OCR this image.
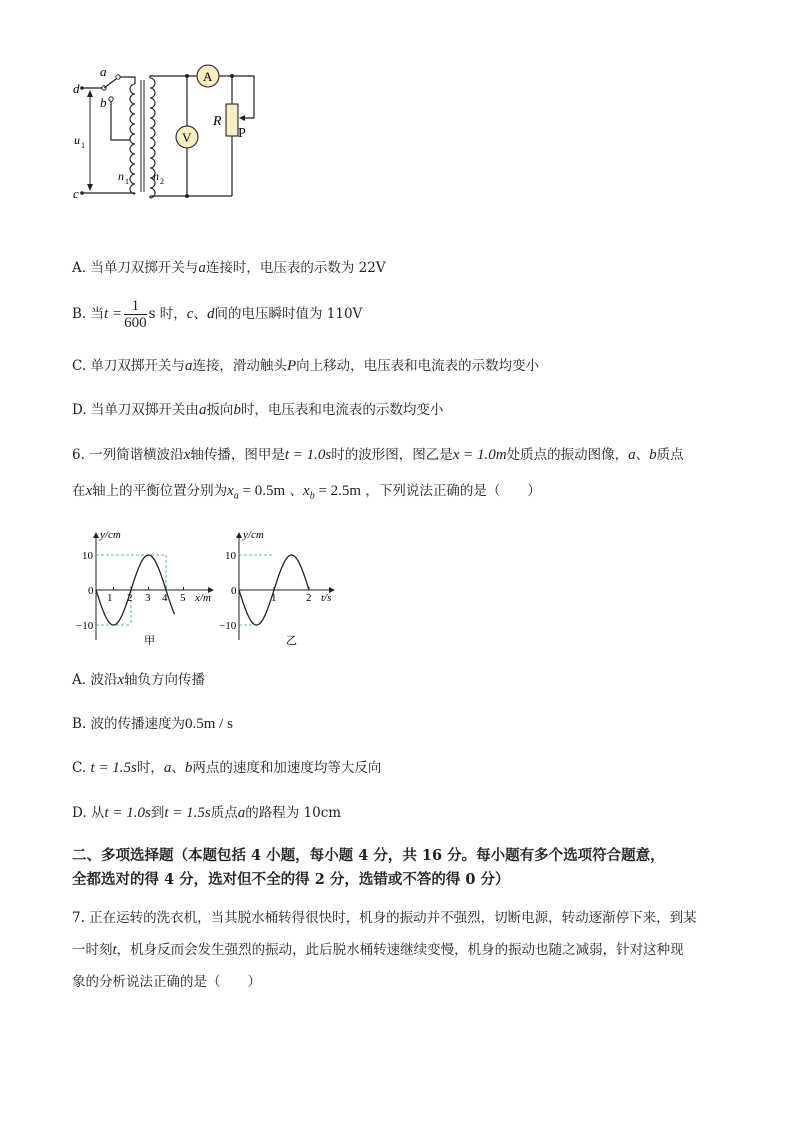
a
b
d
c
u 1
n 1 n 2
A
V
R
P
A. 当单刀双掷开关与a连接时，电压表的示数为 22V
B. 当$t = \frac{1}{600}$ s 时，c、d间的电压瞬时值为 110V
C. 单刀双掷开关与a连接，滑动触头P向上移动，电压表和电流表的示数均变小
D. 当单刀双掷开关由a扳向b时，电压表和电流表的示数均变小
6. 一列简谐横波沿x轴传播，图甲是t = 1.0s时的波形图，图乙是x = 1.0m处质点的振动图像，a、b质点
在x轴上的平衡位置分别为$x_a = 0.5m$ 、$x_b = 2.5m$ ，下列说法正确的是（　　）
y/cm
10
0
−10
1 2 3 4 5 x/m
甲
y/cm
10
0
−10
1	2 t/s
乙
A. 波沿x轴负方向传播
B. 波的传播速度为0.5m / s
C. t = 1.5s时，a、b两点的速度和加速度均等大反向
D. 从t = 1.0s到t = 1.5s质点a的路程为 10cm
二、多项选择题（本题包括 4 小题，每小题 4 分，共 16 分。每小题有多个选项符合题意，
全都选对的得 4 分，选对但不全的得 2 分，选错或不答的得 0 分）
7. 正在运转的洗衣机，当其脱水桶转得很快时，机身的振动并不强烈，切断电源，转动逐渐停下来，到某
一时刻t，机身反而会发生强烈的振动，此后脱水桶转速继续变慢，机身的振动也随之减弱，针对这种现
象的分析说法正确的是（　　）
